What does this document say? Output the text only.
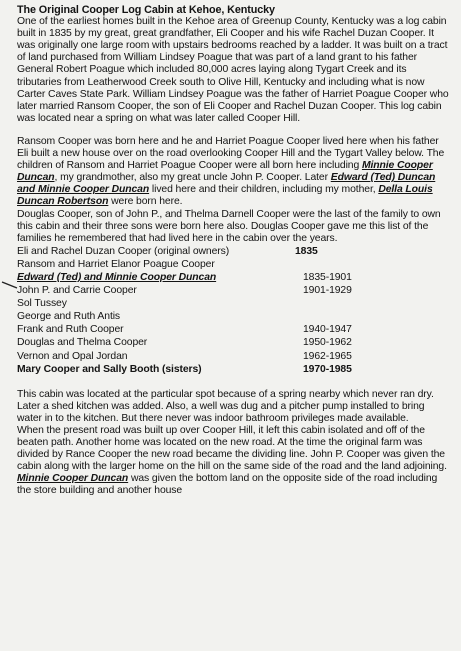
The Original Cooper Log Cabin at Kehoe, Kentucky

One of the earliest homes built in the Kehoe area of Greenup County, Kentucky was a log cabin built in 1835 by my great, great grandfather, Eli Cooper and his wife Rachel Duzan Cooper. It was originally one large room with upstairs bedrooms reached by a ladder. It was built on a tract of land purchased from William Lindsey Poague that was part of a land grant to his father General Robert Poague which included 80,000 acres laying along Tygart Creek and its tributaries from Leatherwood Creek south to Olive Hill, Kentucky and including what is now Carter Caves State Park. William Lindsey Poague was the father of Harriet Poague Cooper who later married Ransom Cooper, the son of Eli Cooper and Rachel Duzan Cooper. This log cabin was located near a spring on what was later called Cooper Hill.

Ransom Cooper was born here and he and Harriet Poague Cooper lived here when his father Eli built a new house over on the road overlooking Cooper Hill and the Tygart Valley below. The children of Ransom and Harriet Poague Cooper were all born here including Minnie Cooper Duncan, my grandmother, also my great uncle John P. Cooper. Later Edward (Ted) Duncan and Minnie Cooper Duncan lived here and their children, including my mother, Della Louis Duncan Robertson were born here.

Douglas Cooper, son of John P., and Thelma Darnell Cooper were the last of the family to own this cabin and their three sons were born here also. Douglas Cooper gave me this list of the families he remembered that had lived here in the cabin over the years.

Eli and Rachel Duzan Cooper (original owners)	1835
Ransom and Harriet Elanor Poague Cooper
Edward (Ted) and Minnie Cooper Duncan	1835-1901
John P. and Carrie Cooper	1901-1929
Sol Tussey
George and Ruth Antis
Frank and Ruth Cooper	1940-1947
Douglas and Thelma Cooper	1950-1962
Vernon and Opal Jordan	1962-1965
Mary Cooper and Sally Booth (sisters)	1970-1985

This cabin was located at the particular spot because of a spring nearby which never ran dry. Later a shed kitchen was added. Also, a well was dug and a pitcher pump installed to bring water in to the kitchen. But there never was indoor bathroom privileges made available.

When the present road was built up over Cooper Hill, it left this cabin isolated and off of the beaten path. Another home was located on the new road. At the time the original farm was divided by Rance Cooper the new road became the dividing line. John P. Cooper was given the cabin along with the larger home on the hill on the same side of the road and the land adjoining. Minnie Cooper Duncan was given the bottom land on the opposite side of the road including the store building and another house
